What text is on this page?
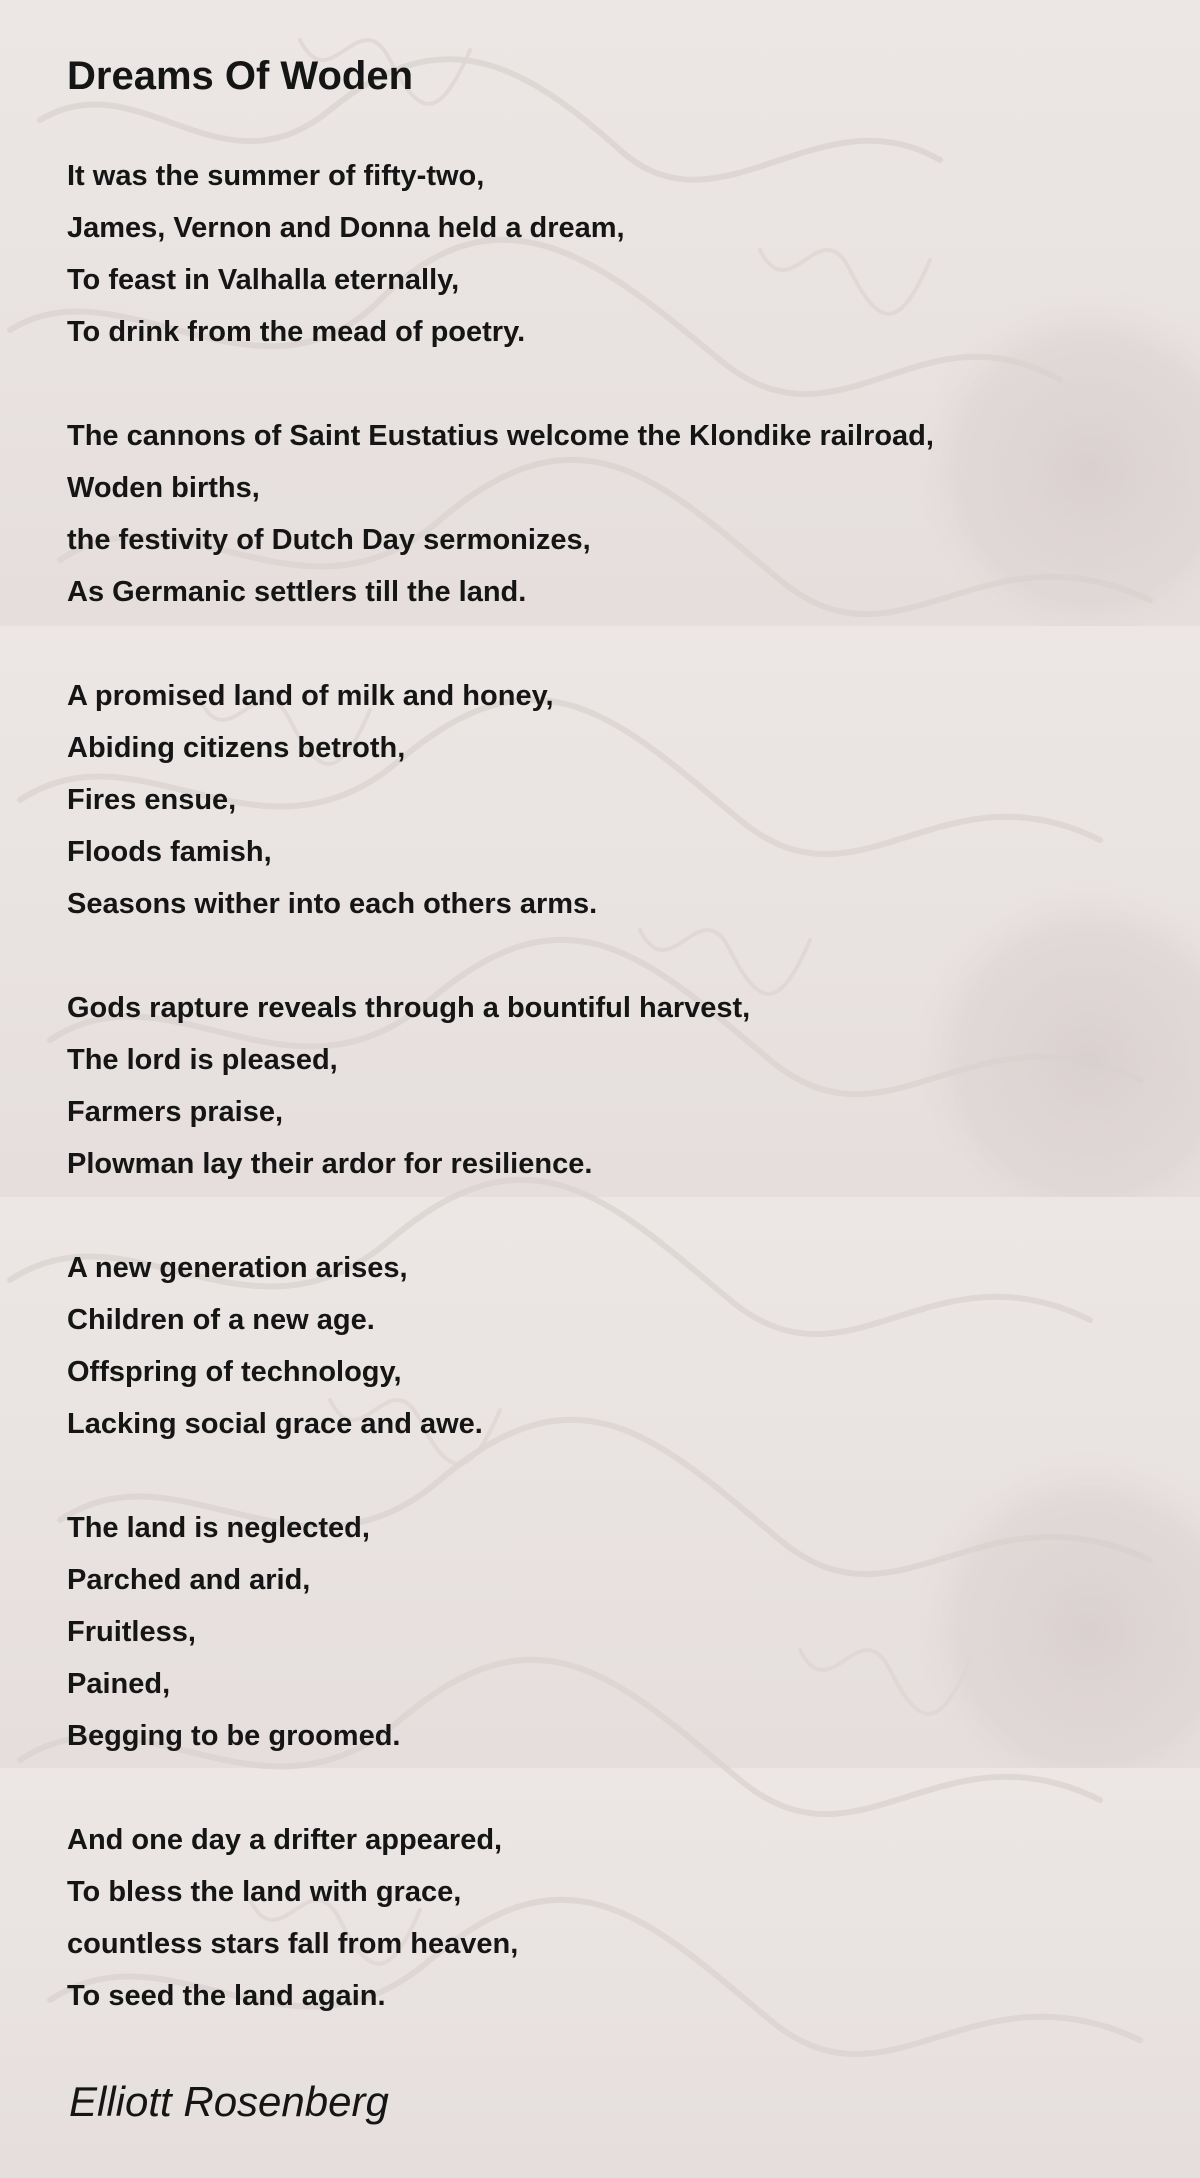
Dreams Of Woden
It was the summer of fifty-two,
James, Vernon and Donna held a dream,
To feast in Valhalla eternally,
To drink from the mead of poetry.
The cannons of Saint Eustatius welcome the Klondike railroad,
Woden births,
the festivity of Dutch Day sermonizes,
As Germanic settlers till the land.
A promised land of milk and honey,
Abiding citizens betroth,
Fires ensue,
Floods famish,
Seasons wither into each others arms.
Gods rapture reveals through a bountiful harvest,
The lord is pleased,
Farmers praise,
Plowman lay their ardor for resilience.
A new generation arises,
Children of a new age.
Offspring of technology,
Lacking social grace and awe.
The land is neglected,
Parched and arid,
Fruitless,
Pained,
Begging to be groomed.
And one day a drifter appeared,
To bless the land with grace,
countless stars fall from heaven,
To seed the land again.

Elliott Rosenberg
